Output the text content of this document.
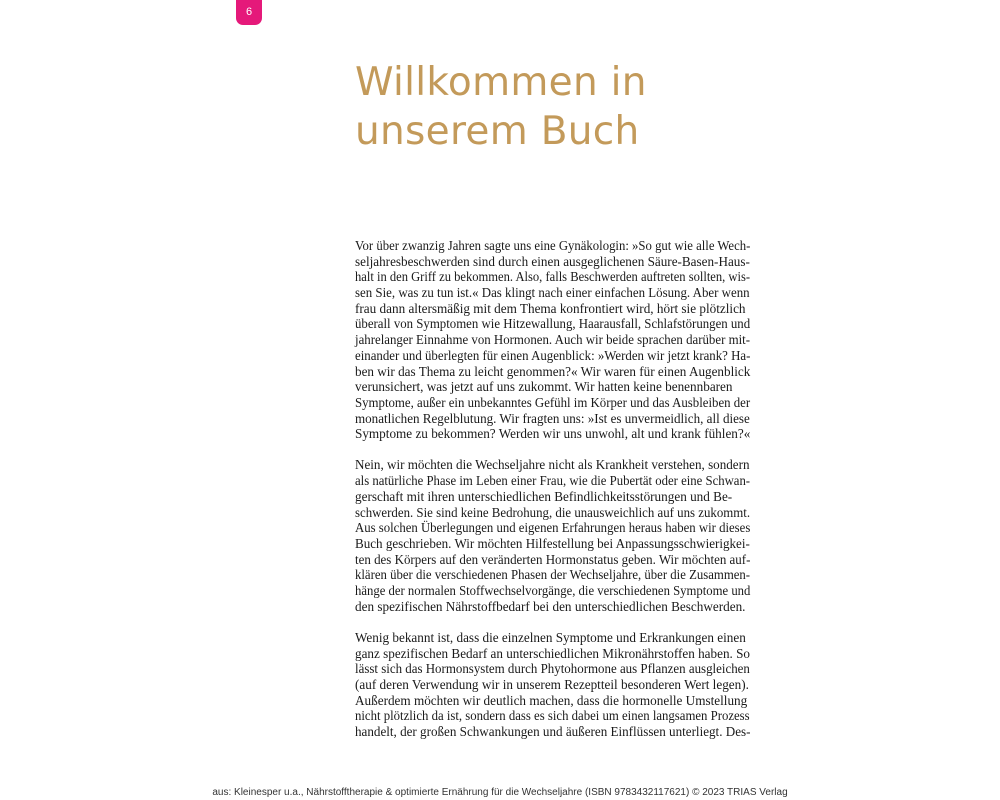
6
Willkommen in
unserem Buch

Vor über zwanzig Jahren sagte uns eine Gynäkologin: »So gut wie alle Wech-
seljahresbeschwerden sind durch einen ausgeglichenen Säure-Basen-Haus-
halt in den Griff zu bekommen. Also, falls Beschwerden auftreten sollten, wis-
sen Sie, was zu tun ist.« Das klingt nach einer einfachen Lösung. Aber wenn
frau dann altersmäßig mit dem Thema konfrontiert wird, hört sie plötzlich
überall von Symptomen wie Hitzewallung, Haarausfall, Schlafstörungen und
jahrelanger Einnahme von Hormonen. Auch wir beide sprachen darüber mit-
einander und überlegten für einen Augenblick: »Werden wir jetzt krank? Ha-
ben wir das Thema zu leicht genommen?« Wir waren für einen Augenblick
verunsichert, was jetzt auf uns zukommt. Wir hatten keine benennbaren
Symptome, außer ein unbekanntes Gefühl im Körper und das Ausbleiben der
monatlichen Regelblutung. Wir fragten uns: »Ist es unvermeidlich, all diese
Symptome zu bekommen? Werden wir uns unwohl, alt und krank fühlen?«

Nein, wir möchten die Wechseljahre nicht als Krankheit verstehen, sondern
als natürliche Phase im Leben einer Frau, wie die Pubertät oder eine Schwan-
gerschaft mit ihren unterschiedlichen Befindlichkeitsstörungen und Be-
schwerden. Sie sind keine Bedrohung, die unausweichlich auf uns zukommt.
Aus solchen Überlegungen und eigenen Erfahrungen heraus haben wir dieses
Buch geschrieben. Wir möchten Hilfestellung bei Anpassungsschwierigkei-
ten des Körpers auf den veränderten Hormonstatus geben. Wir möchten auf-
klären über die verschiedenen Phasen der Wechseljahre, über die Zusammen-
hänge der normalen Stoffwechselvorgänge, die verschiedenen Symptome und
den spezifischen Nährstoffbedarf bei den unterschiedlichen Beschwerden.

Wenig bekannt ist, dass die einzelnen Symptome und Erkrankungen einen
ganz spezifischen Bedarf an unterschiedlichen Mikronährstoffen haben. So
lässt sich das Hormonsystem durch Phytohormone aus Pflanzen ausgleichen
(auf deren Verwendung wir in unserem Rezeptteil besonderen Wert legen).
Außerdem möchten wir deutlich machen, dass die hormonelle Umstellung
nicht plötzlich da ist, sondern dass es sich dabei um einen langsamen Prozess
handelt, der großen Schwankungen und äußeren Einflüssen unterliegt. Des-

aus: Kleinesper u.a., Nährstofftherapie & optimierte Ernährung für die Wechseljahre (ISBN 9783432117621) © 2023 TRIAS Verlag
